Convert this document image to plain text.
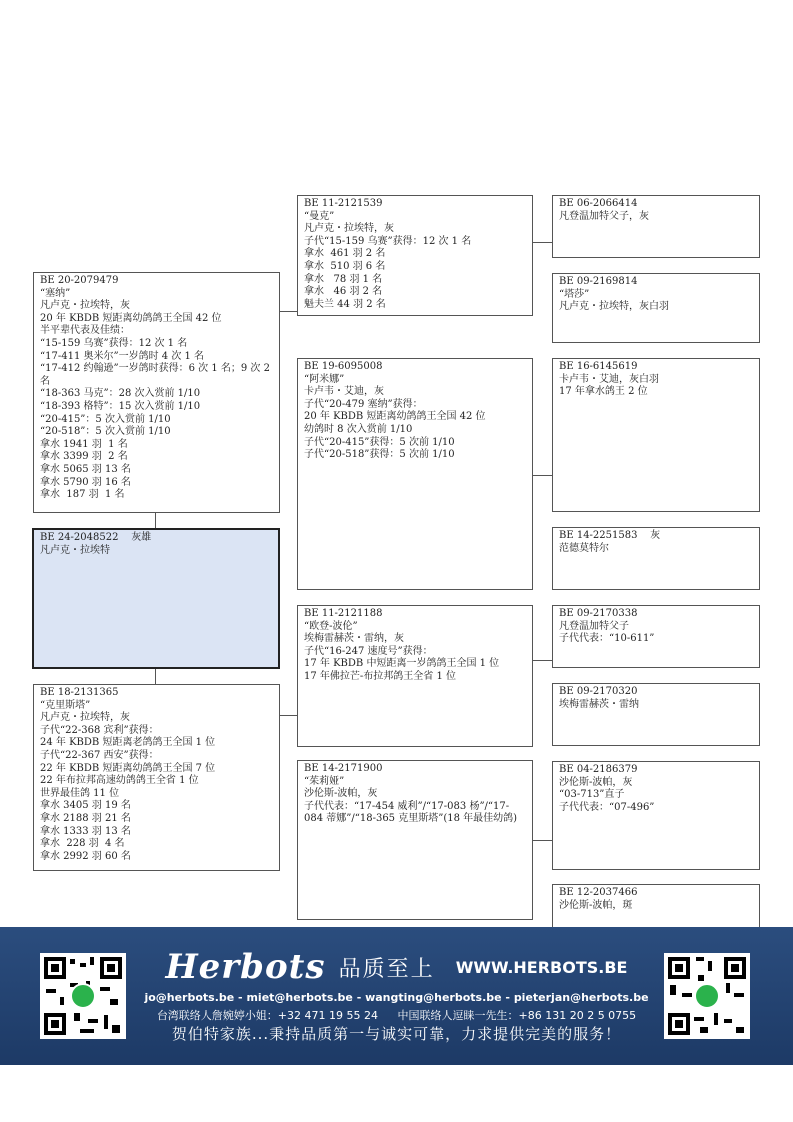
BE 20-2079479
“塞纳”
凡卢克・拉埃特，灰
20 年 KBDB 短距离幼鸽鸽王全国 42 位
半平辈代表及佳绩：
“15-159 乌赛”获得：12 次 1 名
“17-411 奥米尔”一岁鸽时 4 次 1 名
“17-412 约翰逊”一岁鸽时获得：6 次 1 名；9 次 2 名
“18-363 马克”：28 次入赏前 1/10
“18-393 格特”：15 次入赏前 1/10
“20-415”：5 次入赏前 1/10
“20-518”：5 次入赏前 1/10
拿水 1941 羽  1 名
拿水 3399 羽  2 名
拿水 5065 羽 13 名
拿水 5790 羽 16 名
拿水  187 羽  1 名
BE 24-2048522 灰雄
凡卢克・拉埃特
BE 18-2131365
“克里斯塔”
凡卢克・拉埃特，灰
子代“22-368 宾利”获得：
24 年 KBDB 短距离老鸽鸽王全国 1 位
子代“22-367 西安”获得：
22 年 KBDB 短距离幼鸽鸽王全国 7 位
22 年布拉邦高速幼鸽鸽王全省 1 位
世界最佳鸽 11 位
拿水 3405 羽 19 名
拿水 2188 羽 21 名
拿水 1333 羽 13 名
拿水  228 羽  4 名
拿水 2992 羽 60 名
BE 11-2121539
“曼克”
凡卢克・拉埃特，灰
子代“15-159 乌赛”获得：12 次 1 名
拿水  461 羽 2 名
拿水  510 羽 6 名
拿水   78 羽 1 名
拿水   46 羽 2 名
魁夫兰 44 羽 2 名
BE 19-6095008
“阿米娜”
卡卢韦・艾迪，灰
子代“20-479 塞纳”获得：
20 年 KBDB 短距离幼鸽鸽王全国 42 位
幼鸽时 8 次入赏前 1/10
子代“20-415”获得：5 次前 1/10
子代“20-518”获得：5 次前 1/10
BE 11-2121188
“欧登-波伦”
埃梅雷赫茨・雷纳，灰
子代“16-247 速度号”获得：
17 年 KBDB 中短距离一岁鸽鸽王全国 1 位
17 年佛拉芒-布拉邦鸽王全省 1 位
BE 14-2171900
“茱莉娅”
沙伦斯-波帕，灰
子代代表：“17-454 威利”/“17-083 杨”/“17-084 蒂娜”/“18-365 克里斯塔”(18 年最佳幼鸽)
BE 06-2066414
凡登温加特父子，灰
BE 09-2169814
“塔莎”
凡卢克・拉埃特，灰白羽
BE 16-6145619
卡卢韦・艾迪，灰白羽
17 年拿水鸽王 2 位
BE 14-2251583    灰
范德莫特尔
BE 09-2170338
凡登温加特父子
子代代表：“10-611”
BE 09-2170320
埃梅雷赫茨・雷纳
BE 04-2186379
沙伦斯-波帕，灰
“03-713”直子
子代代表：“07-496”
BE 12-2037466
沙伦斯-波帕，斑
Herbots 品质至上 WWW.HERBOTS.BE
jo@herbots.be - miet@herbots.be - wangting@herbots.be - pieterjan@herbots.be
台湾联络人詹婉婷小姐：+32 471 19 55 24 中国联络人逗睐一先生：+86 131 20 2 5 0755
贺伯特家族...秉持品质第一与诚实可靠，力求提供完美的服务！
